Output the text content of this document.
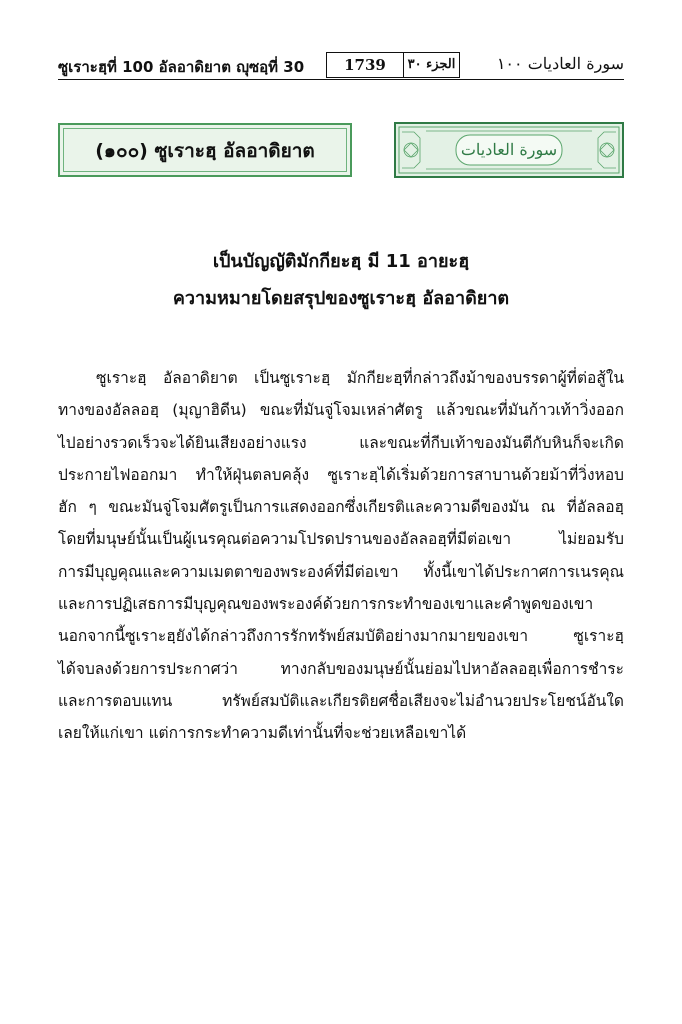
ซูเราะฮฺที่ 100 อัลอาดิยาต ญุซอฺที่ 30	1739	الجزء ٣٠	سورة العاديات ١٠٠
(๑๐๐) ซูเราะฮฺ อัลอาดิยาต	سورة العاديات
เป็นบัญญัติมักกียะฮฺ มี 11 อายะฮฺ
ความหมายโดยสรุปของซูเราะฮฺ อัลอาดิยาต
ซูเราะฮฺ อัลอาดิยาต เป็นซูเราะฮฺ มักกียะฮฺที่กล่าวถึงม้าของบรรดาผู้ที่ต่อสู้ใน
ทางของอัลลอฮฺ (มุญาฮิดีน) ขณะที่มันจู่โจมเหล่าศัตรู แล้วขณะที่มันก้าวเท้าวิ่งออก
ไปอย่างรวดเร็วจะได้ยินเสียงอย่างแรง และขณะที่กีบเท้าของมันตีกับหินก็จะเกิด
ประกายไฟออกมา ทำให้ฝุ่นตลบคลุ้ง ซูเราะฮฺได้เริ่มด้วยการสาบานด้วยม้าที่วิ่งหอบ
ฮัก ๆ ขณะมันจู่โจมศัตรูเป็นการแสดงออกซึ่งเกียรติและความดีของมัน ณ ที่อัลลอฮฺ
โดยที่มนุษย์นั้นเป็นผู้เนรคุณต่อความโปรดปรานของอัลลอฮฺที่มีต่อเขา ไม่ยอมรับ
การมีบุญคุณและความเมตตาของพระองค์ที่มีต่อเขา ทั้งนี้เขาได้ประกาศการเนรคุณ
และการปฏิเสธการมีบุญคุณของพระองค์ด้วยการกระทำของเขาและคำพูดของเขา
นอกจากนี้ซูเราะฮฺยังได้กล่าวถึงการรักทรัพย์สมบัติอย่างมากมายของเขา ซูเราะฮฺ
ได้จบลงด้วยการประกาศว่า ทางกลับของมนุษย์นั้นย่อมไปหาอัลลอฮฺเพื่อการชำระ
และการตอบแทน ทรัพย์สมบัติและเกียรติยศชื่อเสียงจะไม่อำนวยประโยชน์อันใด
เลยให้แก่เขา แต่การกระทำความดีเท่านั้นที่จะช่วยเหลือเขาได้
